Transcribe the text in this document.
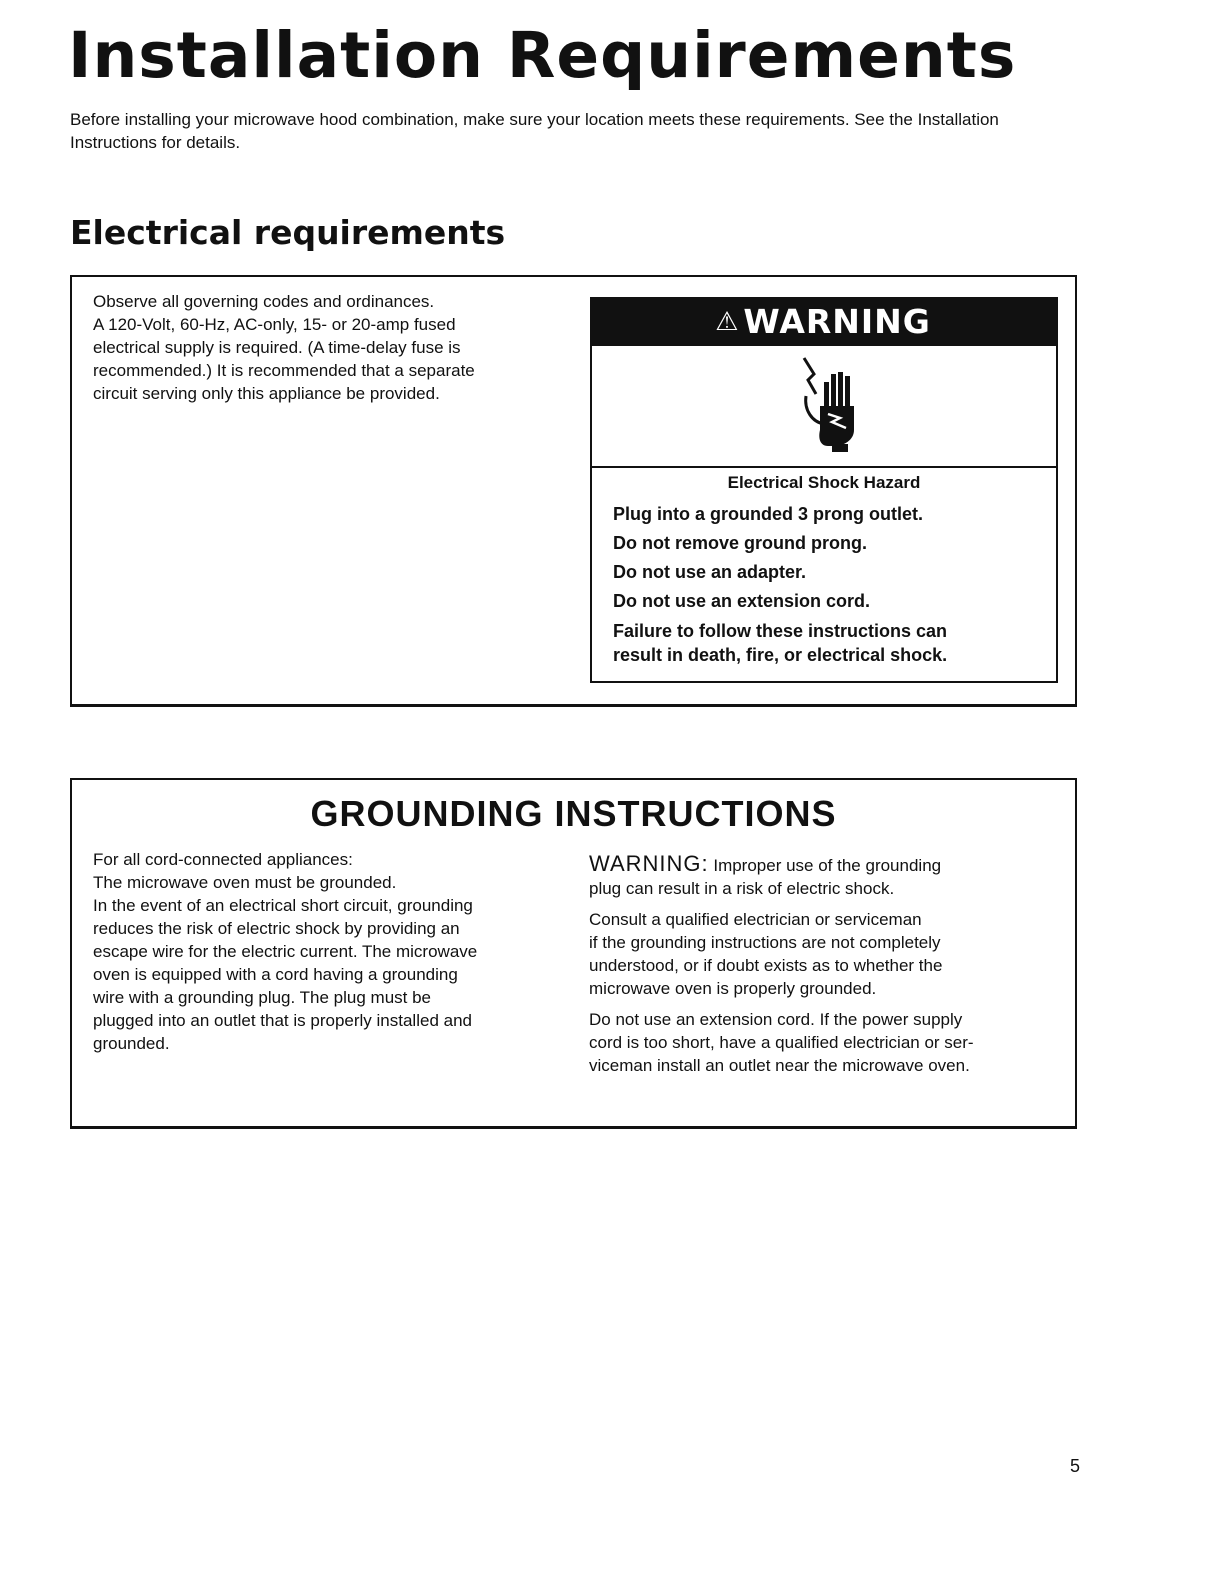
Installation Requirements

Before installing your microwave hood combination, make sure your location meets these requirements. See the Installation Instructions for details.

Electrical requirements

Observe all governing codes and ordinances.
A 120-Volt, 60-Hz, AC-only, 15- or 20-amp fused
electrical supply is required. (A time-delay fuse is
recommended.) It is recommended that a separate
circuit serving only this appliance be provided.

⚠ WARNING

Electrical Shock Hazard

Plug into a grounded 3 prong outlet.
Do not remove ground prong.
Do not use an adapter.
Do not use an extension cord.
Failure to follow these instructions can
result in death, fire, or electrical shock.
GROUNDING INSTRUCTIONS

For all cord-connected appliances:
The microwave oven must be grounded.
In the event of an electrical short circuit, grounding
reduces the risk of electric shock by providing an
escape wire for the electric current. The microwave
oven is equipped with a cord having a grounding
wire with a grounding plug. The plug must be
plugged into an outlet that is properly installed and
grounded.

WARNING: Improper use of the grounding
plug can result in a risk of electric shock.

Consult a qualified electrician or serviceman
if the grounding instructions are not completely
understood, or if doubt exists as to whether the
microwave oven is properly grounded.

Do not use an extension cord. If the power supply
cord is too short, have a qualified electrician or ser-
viceman install an outlet near the microwave oven.

5
